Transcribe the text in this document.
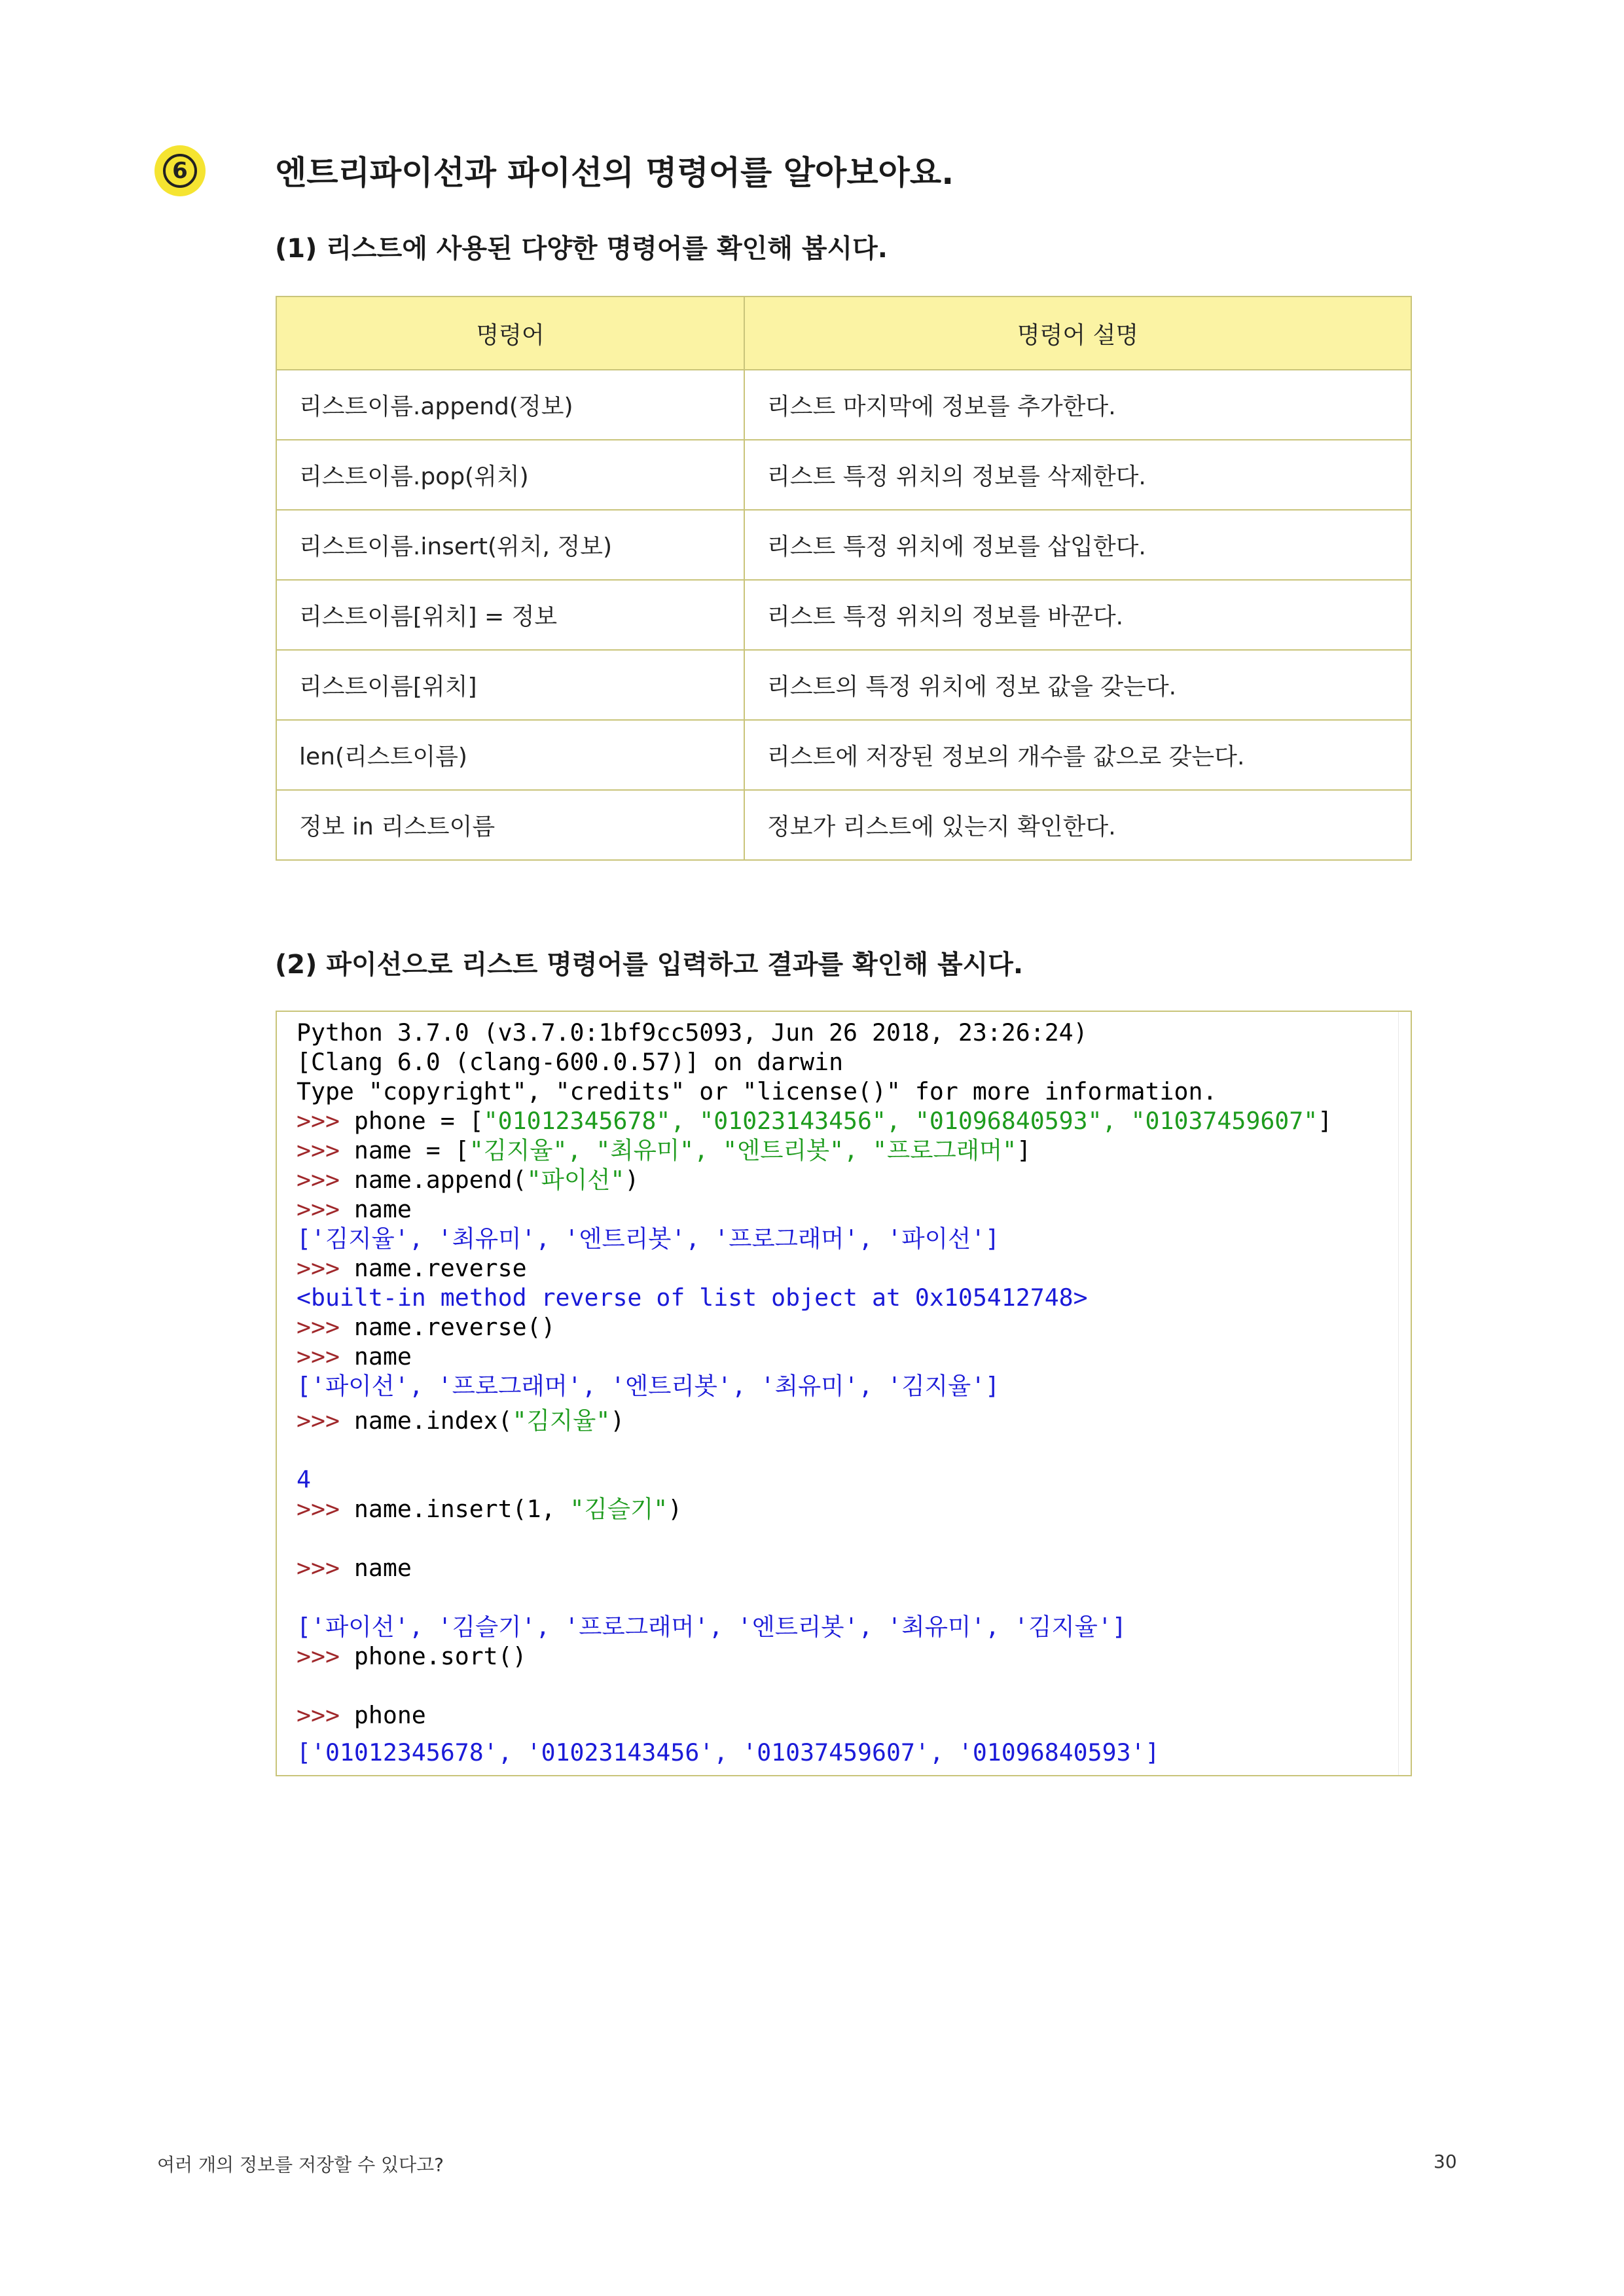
6	엔트리파이선과 파이선의 명령어를 알아보아요.
(1) 리스트에 사용된 다양한 명령어를 확인해 봅시다.
명령어	명령어 설명
리스트이름.append(정보)	리스트 마지막에 정보를 추가한다.
리스트이름.pop(위치)	리스트 특정 위치의 정보를 삭제한다.
리스트이름.insert(위치, 정보)	리스트 특정 위치에 정보를 삽입한다.
리스트이름[위치] = 정보	리스트 특정 위치의 정보를 바꾼다.
리스트이름[위치]	리스트의 특정 위치에 정보 값을 갖는다.
len(리스트이름)	리스트에 저장된 정보의 개수를 값으로 갖는다.
정보 in 리스트이름	정보가 리스트에 있는지 확인한다.
(2) 파이선으로 리스트 명령어를 입력하고 결과를 확인해 봅시다.
Python 3.7.0 (v3.7.0:1bf9cc5093, Jun 26 2018, 23:26:24)
[Clang 6.0 (clang-600.0.57)] on darwin
Type "copyright", "credits" or "license()" for more information.
>>> phone = ["01012345678", "01023143456", "01096840593", "01037459607"]
>>> name = ["김지율", "최유미", "엔트리봇", "프로그래머"]
>>> name.append("파이선")
>>> name
['김지율', '최유미', '엔트리봇', '프로그래머', '파이선']
>>> name.reverse
<built-in method reverse of list object at 0x105412748>
>>> name.reverse()
>>> name
['파이선', '프로그래머', '엔트리봇', '최유미', '김지율']
>>> name.index("김지율")
4
>>> name.insert(1, "김슬기")
>>> name
['파이선', '김슬기', '프로그래머', '엔트리봇', '최유미', '김지율']
>>> phone.sort()
>>> phone
['01012345678', '01023143456', '01037459607', '01096840593']
여러 개의 정보를 저장할 수 있다고?	30
